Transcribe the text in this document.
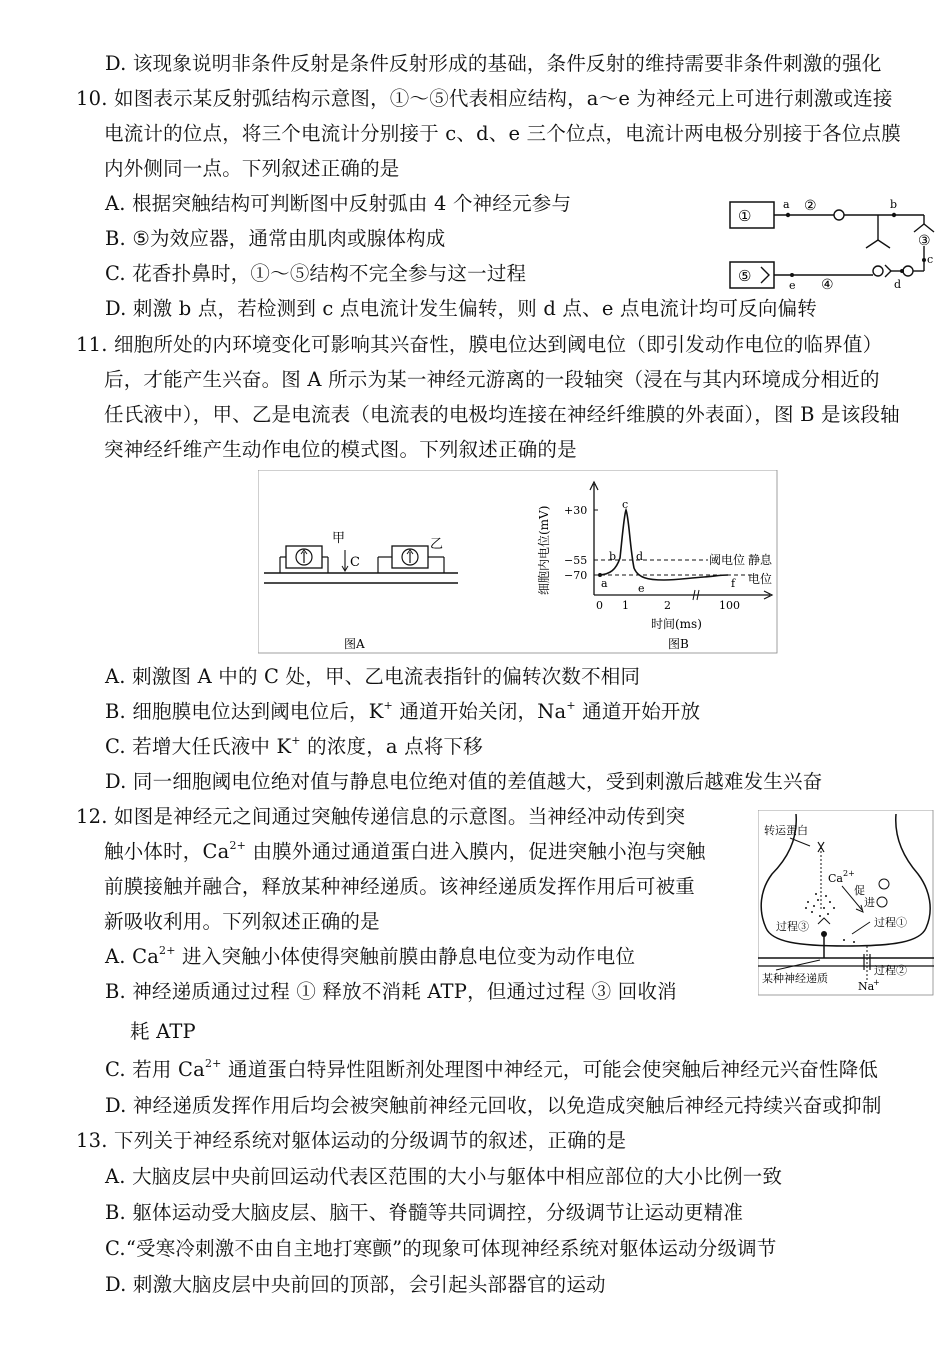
D. 该现象说明非条件反射是条件反射形成的基础，条件反射的维持需要非条件刺激的强化
10. 如图表示某反射弧结构示意图，①～⑤代表相应结构，a～e 为神经元上可进行刺激或连接
电流计的位点，将三个电流计分别接于 c、d、e 三个位点，电流计两电极分别接于各位点膜
内外侧同一点。下列叙述正确的是
A. 根据突触结构可判断图中反射弧由 4 个神经元参与
B. ⑤为效应器，通常由肌肉或腺体构成
C. 花香扑鼻时，①～⑤结构不完全参与这一过程
D. 刺激 b 点，若检测到 c 点电流计发生偏转，则 d 点、e 点电流计均可反向偏转
①
a ②	b
③
c
d
⑤
e ④
11. 细胞所处的内环境变化可影响其兴奋性，膜电位达到阈电位（即引发动作电位的临界值）
后，才能产生兴奋。图 A 所示为某一神经元游离的一段轴突（浸在与其内环境成分相近的
任氏液中），甲、乙是电流表（电流表的电极均连接在神经纤维膜的外表面），图 B 是该段轴
突神经纤维产生动作电位的模式图。下列叙述正确的是
甲
C
乙
图A
细胞内电位(mV) +30
−55
−70
阈电位 静息
电位
a
b
c
d
e	f
0 1	2	100
时间(ms)
图B
A. 刺激图 A 中的 C 处，甲、乙电流表指针的偏转次数不相同
B. 细胞膜电位达到阈电位后，K+ 通道开始关闭，Na+ 通道开始开放
C. 若增大任氏液中 K+ 的浓度，a 点将下移
D. 同一细胞阈电位绝对值与静息电位绝对值的差值越大，受到刺激后越难发生兴奋
12. 如图是神经元之间通过突触传递信息的示意图。当神经冲动传到突
触小体时，$Ca^{2+}$ 由膜外通过通道蛋白进入膜内，促进突触小泡与突触
前膜接触并融合，释放某种神经递质。该神经递质发挥作用后可被重
新吸收利用。下列叙述正确的是
A. $Ca^{2+}$ 进入突触小体使得突触前膜由静息电位变为动作电位
B. 神经递质通过过程 ① 释放不消耗 ATP，但通过过程 ③ 回收消
耗 ATP
C. 若用 $Ca^{2+}$ 通道蛋白特异性阻断剂处理图中神经元，可能会使突触后神经元兴奋性降低
D. 神经递质发挥作用后均会被突触前神经元回收，以免造成突触后神经元持续兴奋或抑制
转运蛋白
Ca 2+
促
进
过程③	过程①
某种神经递质
过程②
Na
+
13. 下列关于神经系统对躯体运动的分级调节的叙述，正确的是
A. 大脑皮层中央前回运动代表区范围的大小与躯体中相应部位的大小比例一致
B. 躯体运动受大脑皮层、脑干、脊髓等共同调控，分级调节让运动更精准
C.“受寒冷刺激不由自主地打寒颤”的现象可体现神经系统对躯体运动分级调节
D. 刺激大脑皮层中央前回的顶部，会引起头部器官的运动
